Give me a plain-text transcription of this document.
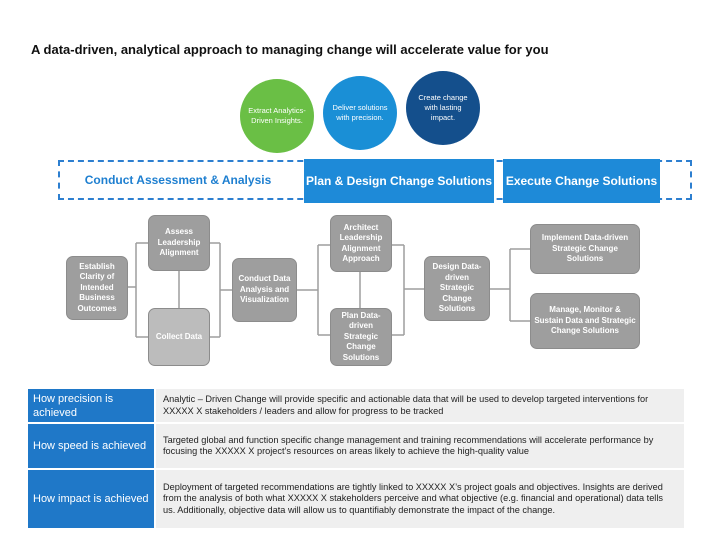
A data-driven, analytical approach to managing change will accelerate value for you
Extract Analytics-Driven Insights.
Deliver solutions with precision.
Create change with lasting impact.
Conduct Assessment & Analysis	Plan & Design Change Solutions Execute Change Solutions
Establish Clarity of Intended Business Outcomes
Assess Leadership Alignment
Collect Data
Conduct Data Analysis and Visualization
Architect Leadership Alignment Approach
Plan Data-driven Strategic Change Solutions
Design Data-driven Strategic Change Solutions
Implement Data-driven Strategic Change Solutions
Manage, Monitor & Sustain Data and Strategic Change Solutions
How precision is achieved
Analytic – Driven Change will provide specific and actionable data that will be used to develop targeted interventions for XXXXX X stakeholders / leaders and allow for progress to be tracked
How speed is achieved
Targeted global and function specific change management and training recommendations will accelerate performance by focusing the XXXXX X project’s resources on areas likely to achieve the high-quality value
How impact is achieved
Deployment of targeted recommendations are tightly linked to XXXXX X’s project goals and objectives. Insights are derived from the analysis of both what XXXXX X stakeholders perceive and what objective (e.g. financial and operational) data tells us. Additionally, objective data will allow us to quantifiably demonstrate the impact of the change.
